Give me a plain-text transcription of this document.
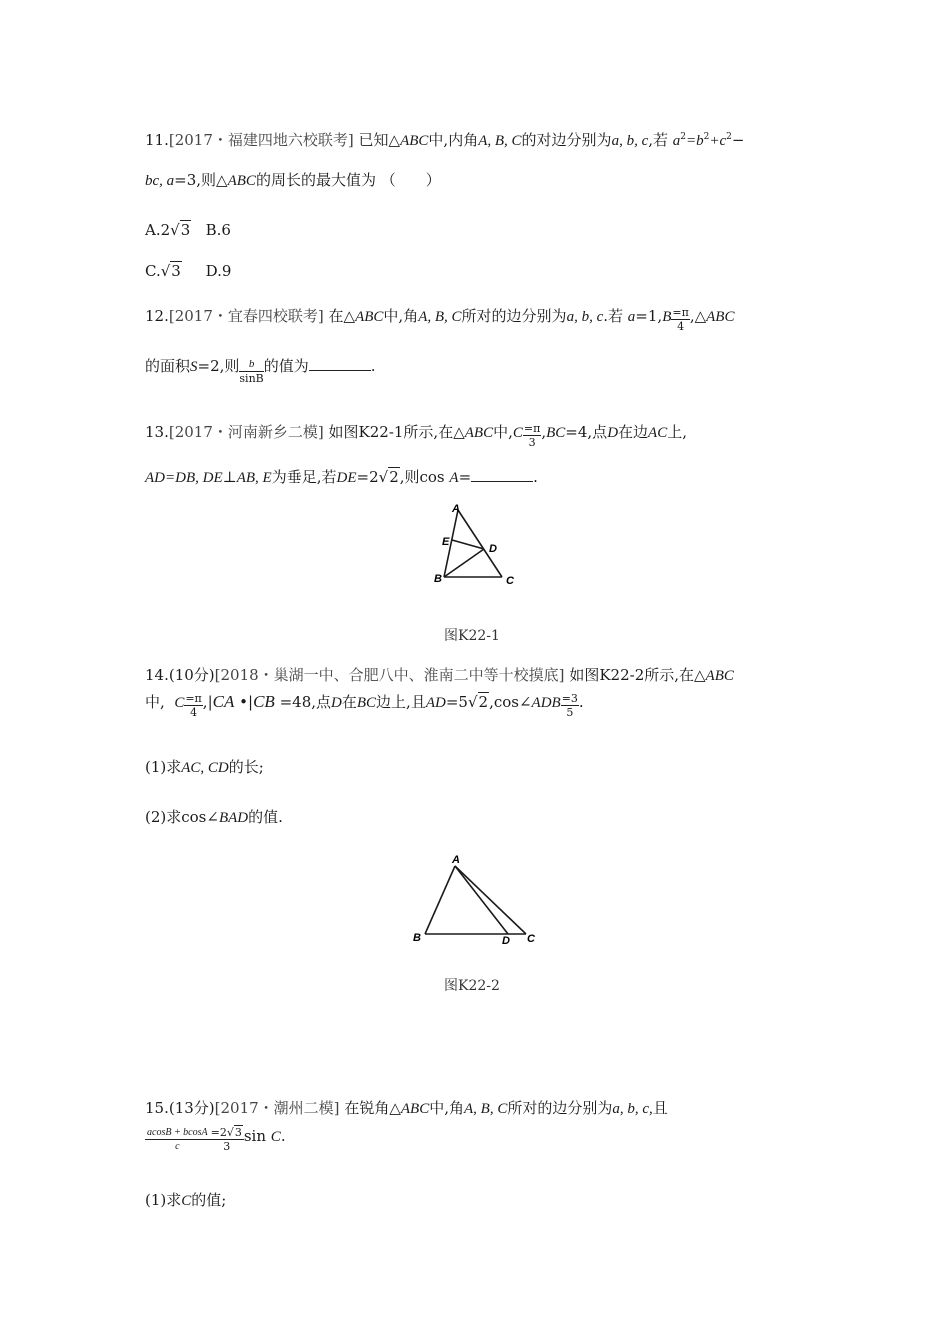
11.[2017・福建四地六校联考] 已知△ABC中,内角A, B, C的对边分别为a, b, c,若 $a^2=b^2+c^2-$
bc, a=3,则△ABC的周长的最大值为 （　　）
A.2√3 B.6
C.√3 D.9
12.[2017・宜春四校联考] 在△ABC中,角A, B, C所对的边分别为a, b, c.若 $a=1,B \frac{=\pi}{4}$ ,△ABC
的面积S=2,则 $\frac{b}{\sin B}$ 的值为	.
13.[2017・河南新乡二模] 如图K22-1所示,在△ABC中$,C \frac{=\pi}{3} ,BC=4$,点D在边AC上,
AD=DB, DE⊥AB, E为垂足,若DE=2√2,则cos A=	.
A
E
D
B	C
图K22-1
14.(10分)[2018・巢湖一中、合肥八中、淮南二中等十校摸底] 如图K22-2所示,在△ABC
中, C $\frac{=\pi}{4} ,|CA$ •|CB =48,点D在BC边上,且AD=5√2,cos∠ADB $\frac{=3}{5}$ .
(1)求AC, CD的长;
(2)求cos∠BAD的值.
A
B	D C
图K22-2
15.(13分)[2017・潮州二模] 在锐角△ABC中,角A, B, C所对的边分别为a, b, c,且
$\frac{acosB + bcosA}{c} \frac{=2√3}{3}$ sin C.
(1)求C的值;
